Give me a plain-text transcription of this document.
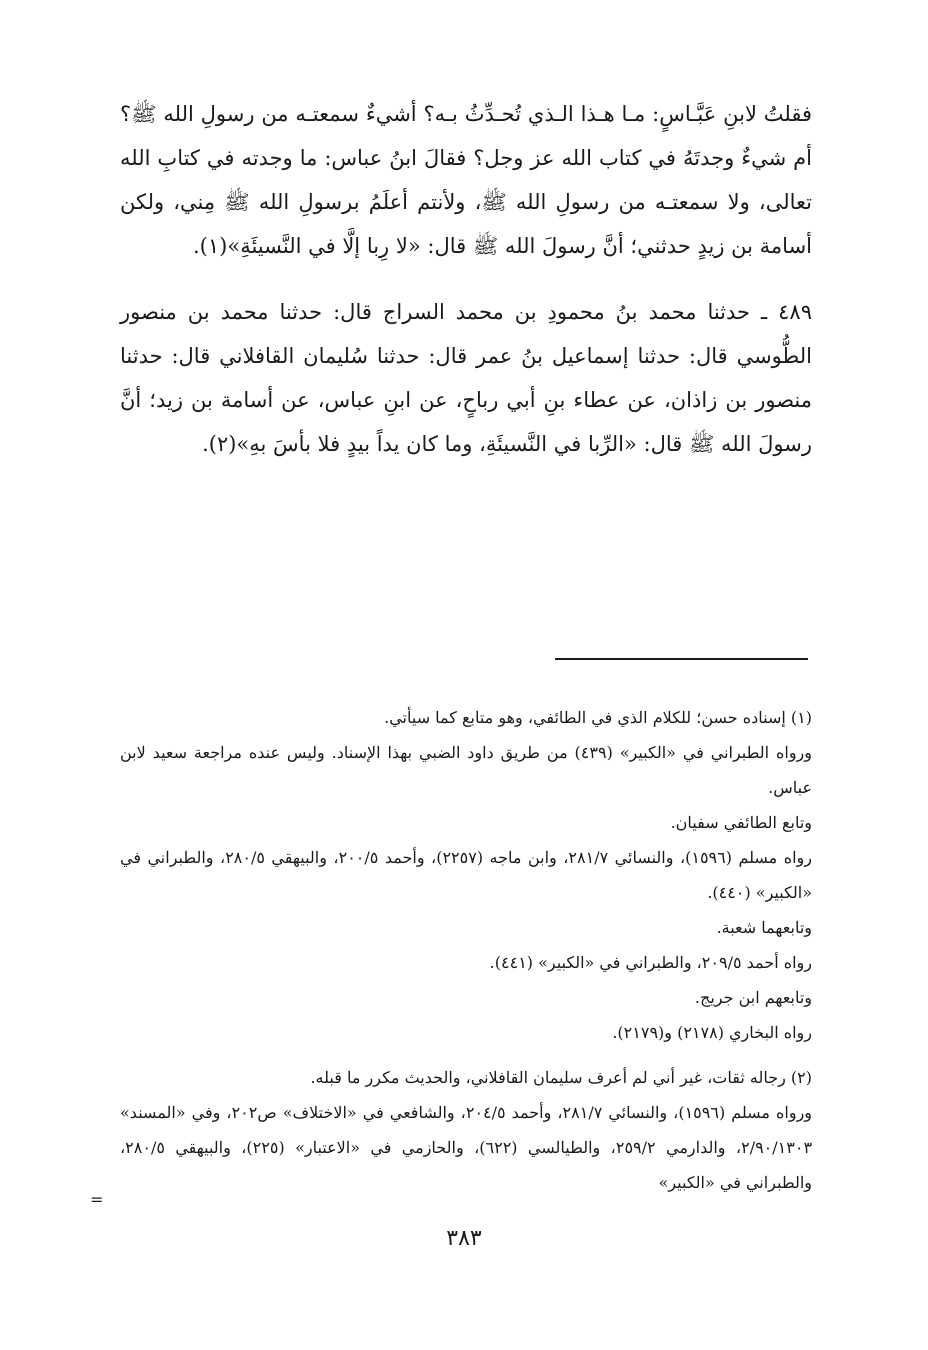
فقلتُ لابنِ عَبَّـاسٍ: مـا هـذا الـذي تُحـدِّثُ بـه؟ أشيءٌ سمعتـه من رسولِ الله ﷺ؟ أم شيءٌ وجدتَهُ في كتاب الله عز وجل؟ فقالَ ابنُ عباس: ما وجدته في كتابِ الله تعالى، ولا سمعتـه من رسولِ الله ﷺ، ولأنتم أعلَمُ برسولِ الله ﷺ مِني، ولكن أسامة بن زيدٍ حدثني؛ أنَّ رسولَ الله ﷺ قال: «لا رِبا إلَّا في النَّسيئَةِ»(١).

٤٨٩ ـ حدثنا محمد بنُ محمودِ بن محمد السراج قال: حدثنا محمد بن منصور الطُّوسي قال: حدثنا إسماعيل بنُ عمر قال: حدثنا سُليمان القافلاني قال: حدثنا منصور بن زاذان، عن عطاء بنِ أبي رباحٍ، عن ابنِ عباس، عن أسامة بن زيد؛ أنَّ رسولَ الله ﷺ قال: «الرِّبا في النَّسيئَةِ، وما كان يداً بيدٍ فلا بأسَ بهِ»(٢).

(١) إسناده حسن؛ للكلام الذي في الطائفي، وهو متابع كما سيأتي.

ورواه الطبراني في «الكبير» (٤٣٩) من طريق داود الضبي بهذا الإسناد. وليس عنده مراجعة سعيد لابن عباس.

وتابع الطائفي سفيان.

رواه مسلم (١٥٩٦)، والنسائي ٢٨١/٧، وابن ماجه (٢٢٥٧)، وأحمد ٢٠٠/٥، والبيهقي ٢٨٠/٥، والطبراني في «الكبير» (٤٤٠).

وتابعهما شعبة.

رواه أحمد ٢٠٩/٥، والطبراني في «الكبير» (٤٤١).

وتابعهم ابن جريج.

رواه البخاري (٢١٧٨) و(٢١٧٩).

(٢) رجاله ثقات، غير أني لم أعرف سليمان القافلاني، والحديث مكرر ما قبله.

ورواه مسلم (١٥٩٦)، والنسائي ٢٨١/٧، وأحمد ٢٠٤/٥، والشافعي في «الاختلاف» ص٢٠٢، وفي «المسند» ٢/٩٠/١٣٠٣، والدارمي ٢٥٩/٢، والطيالسي (٦٢٢)، والحازمي في «الاعتبار» (٢٢٥)، والبيهقي ٢٨٠/٥، والطبراني في «الكبير»

=
٣٨٣
